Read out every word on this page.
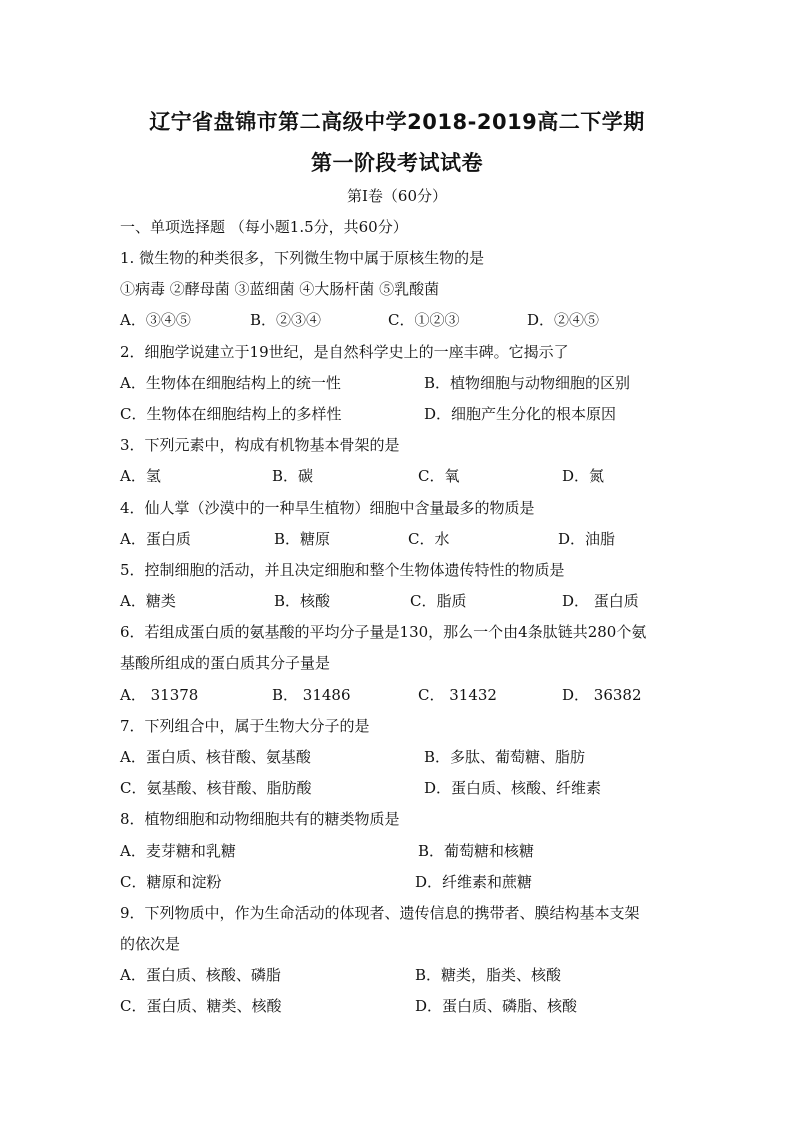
辽宁省盘锦市第二高级中学2018-2019高二下学期
第一阶段考试试卷
第Ⅰ卷（60分）
一、单项选择题 （每小题1.5分，共60分）
1. 微生物的种类很多，下列微生物中属于原核生物的是
①病毒 ②酵母菌 ③蓝细菌 ④大肠杆菌 ⑤乳酸菌
A．③④⑤	B．②③④	C．①②③	D．②④⑤
2．细胞学说建立于19世纪，是自然科学史上的一座丰碑。它揭示了
A．生物体在细胞结构上的统一性	B．植物细胞与动物细胞的区别
C．生物体在细胞结构上的多样性	D．细胞产生分化的根本原因
3．下列元素中，构成有机物基本骨架的是
A．氢	B．碳	C．氧	D．氮
4．仙人掌（沙漠中的一种旱生植物）细胞中含量最多的物质是
A．蛋白质	B．糖原	C．水	D．油脂
5．控制细胞的活动，并且决定细胞和整个生物体遗传特性的物质是
A．糖类	B．核酸	C．脂质	D． 蛋白质
6．若组成蛋白质的氨基酸的平均分子量是130，那么一个由4条肽链共280个氨
基酸所组成的蛋白质其分子量是
A． 31378	B． 31486	C． 31432	D． 36382
7．下列组合中，属于生物大分子的是
A．蛋白质、核苷酸、氨基酸	B．多肽、葡萄糖、脂肪
C．氨基酸、核苷酸、脂肪酸	D．蛋白质、核酸、纤维素
8．植物细胞和动物细胞共有的糖类物质是
A．麦芽糖和乳糖	B．葡萄糖和核糖
C．糖原和淀粉	D．纤维素和蔗糖
9．下列物质中，作为生命活动的体现者、遗传信息的携带者、膜结构基本支架
的依次是
A．蛋白质、核酸、磷脂	B．糖类，脂类、核酸
C．蛋白质、糖类、核酸	D．蛋白质、磷脂、核酸
